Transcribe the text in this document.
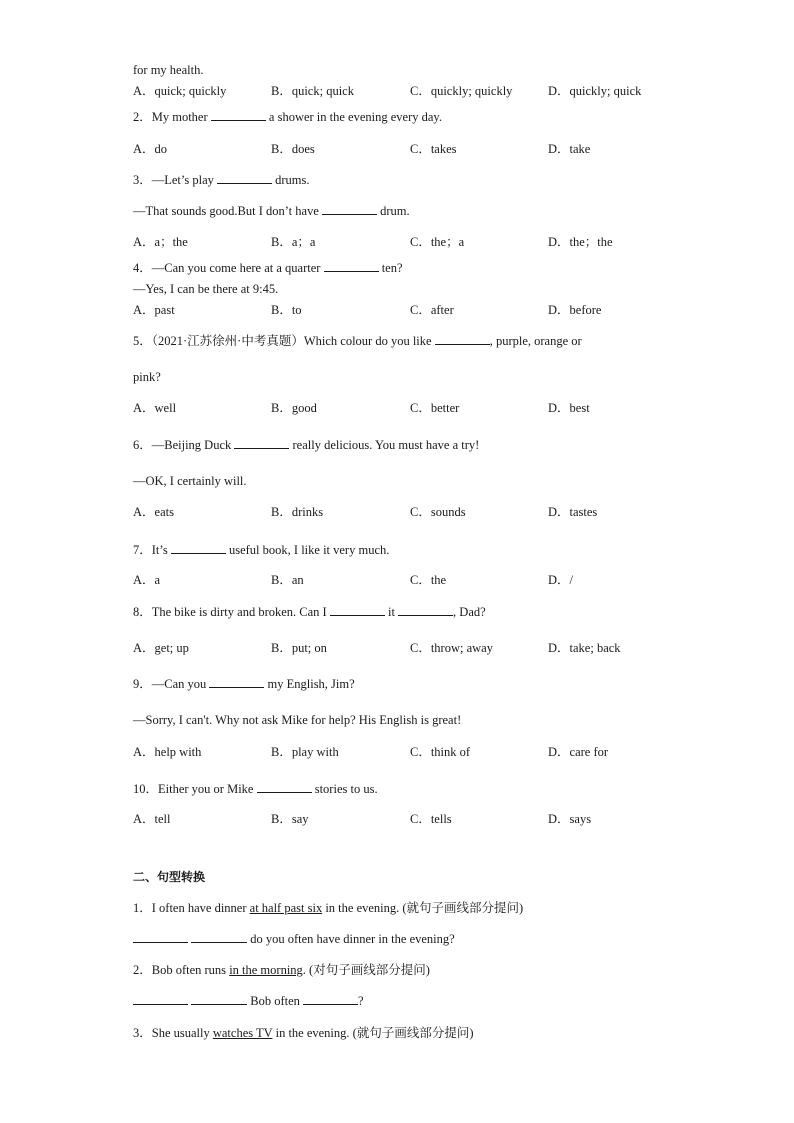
for my health.
A．quick; quickly	B．quick; quick	C．quickly; quickly	D．quickly; quick
2．My mother	a shower in the evening every day.
A．do	B．does	C．takes	D．take
3．—Let’s play	drums.
—That sounds good.But I don’t have	drum.
A．a；the	B．a；a	C．the；a	D．the；the
4．—Can you come here at a quarter	ten?
—Yes, I can be there at 9:45.
A．past	B．to	C．after	D．before
5．（2021·江苏徐州·中考真题）Which colour do you like	, purple, orange or
pink?
A．well	B．good	C．better	D．best
6．—Beijing Duck	really delicious. You must have a try!
—OK, I certainly will.
A．eats	B．drinks	C．sounds	D．tastes
7．It’s	useful book, I like it very much.
A．a	B．an	C．the	D．/
8．The bike is dirty and broken. Can I	it	, Dad?
A．get; up	B．put; on	C．throw; away	D．take; back
9．—Can you	my English, Jim?
—Sorry, I can't. Why not ask Mike for help? His English is great!
A．help with	B．play with	C．think of	D．care for
10．Either you or Mike	stories to us.
A．tell	B．say	C．tells	D．says
二、句型转换
1．I often have dinner at half past six in the evening. (就句子画线部分提问)
do you often have dinner in the evening?
2．Bob often runs in the morning. (对句子画线部分提问)
Bob often	?
3．She usually watches TV in the evening. (就句子画线部分提问)
